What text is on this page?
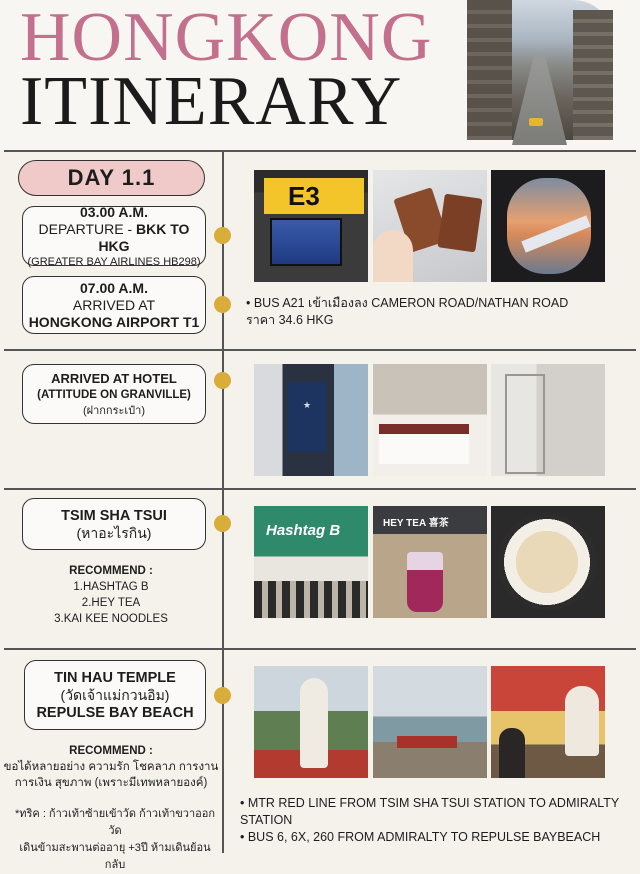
HONGKONG
ITINERARY
DAY 1.1
03.00 A.M.
DEPARTURE - BKK TO HKG
(GREATER BAY AIRLINES HB298)
07.00 A.M.
ARRIVED AT
HONGKONG AIRPORT T1
ARRIVED AT HOTEL
(ATTITUDE ON GRANVILLE)
(ฝากกระเป๋า)
TSIM SHA TSUI
(หาอะไรกิน)
RECOMMEND :
1.HASHTAG B
2.HEY TEA
3.KAI KEE NOODLES
TIN HAU TEMPLE
(วัดเจ้าแม่กวนอิม)
REPULSE BAY BEACH
RECOMMEND :
ขอได้หลายอย่าง ความรัก โชคลาภ การงาน
การเงิน สุขภาพ (เพราะมีเทพหลายองค์)
*ทริค : ก้าวเท้าซ้ายเข้าวัด ก้าวเท้าขวาออกวัด
เดินข้ามสะพานต่ออายุ +3ปี ห้ามเดินย้อนกลับ
E3
• BUS A21 เข้าเมืองลง CAMERON ROAD/NATHAN ROAD
ราคา 34.6 HKG
★
Hashtag B	HEY TEA 喜茶
• MTR RED LINE FROM TSIM SHA TSUI STATION TO ADMIRALTY
STATION
• BUS 6, 6X, 260 FROM ADMIRALTY TO REPULSE BAYBEACH
